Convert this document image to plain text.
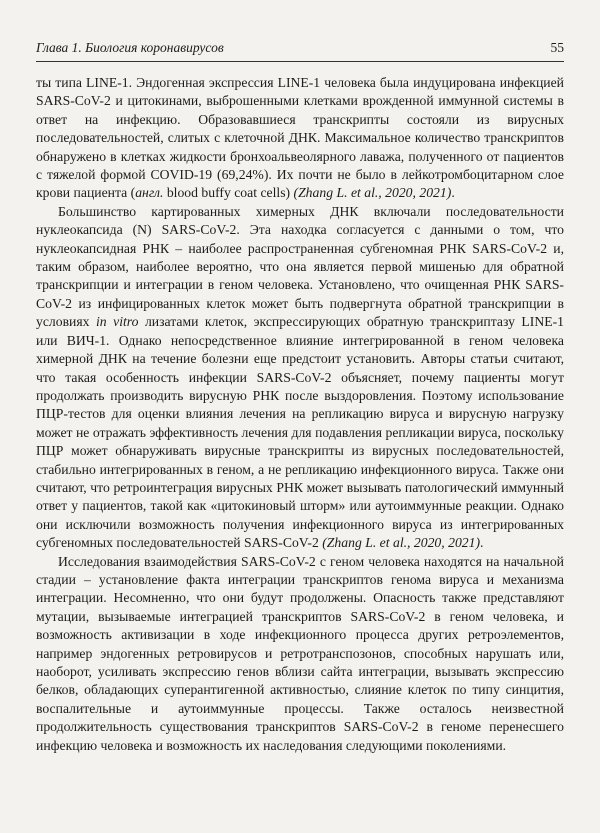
Глава 1. Биология коронавирусов	55

ты типа LINE-1. Эндогенная экспрессия LINE-1 человека была индуцирована инфекцией SARS-CoV-2 и цитокинами, выброшенными клетками врожденной иммунной системы в ответ на инфекцию. Образовавшиеся транскрипты состояли из вирусных последовательностей, слитых с клеточной ДНК. Максимальное количество транскриптов обнаружено в клетках жидкости бронхоальвеолярного лаважа, полученного от пациентов с тяжелой формой COVID-19 (69,24%). Их почти не было в лейкотромбоцитарном слое крови пациента (англ. blood buffy coat cells) (Zhang L. et al., 2020, 2021).

Большинство картированных химерных ДНК включали последовательности нуклеокапсида (N) SARS-CoV-2. Эта находка согласуется с данными о том, что нуклеокапсидная РНК – наиболее распространенная субгеномная РНК SARS-CoV-2 и, таким образом, наиболее вероятно, что она является первой мишенью для обратной транскрипции и интеграции в геном человека. Установлено, что очищенная РНК SARS-CoV-2 из инфицированных клеток может быть подвергнута обратной транскрипции в условиях in vitro лизатами клеток, экспрессирующих обратную транскриптазу LINE-1 или ВИЧ-1. Однако непосредственное влияние интегрированной в геном человека химерной ДНК на течение болезни еще предстоит установить. Авторы статьи считают, что такая особенность инфекции SARS-CoV-2 объясняет, почему пациенты могут продолжать производить вирусную РНК после выздоровления. Поэтому использование ПЦР-тестов для оценки влияния лечения на репликацию вируса и вирусную нагрузку может не отражать эффективность лечения для подавления репликации вируса, поскольку ПЦР может обнаруживать вирусные транскрипты из вирусных последовательностей, стабильно интегрированных в геном, а не репликацию инфекционного вируса. Также они считают, что ретроинтеграция вирусных РНК может вызывать патологический иммунный ответ у пациентов, такой как «цитокиновый шторм» или аутоиммунные реакции. Однако они исключили возможность получения инфекционного вируса из интегрированных субгеномных последовательностей SARS-CoV-2 (Zhang L. et al., 2020, 2021).

Исследования взаимодействия SARS-CoV-2 с геном человека находятся на начальной стадии – установление факта интеграции транскриптов генома вируса и механизма интеграции. Несомненно, что они будут продолжены. Опасность также представляют мутации, вызываемые интеграцией транскриптов SARS-CoV-2 в геном человека, и возможность активизации в ходе инфекционного процесса других ретроэлементов, например эндогенных ретровирусов и ретротранспозонов, способных нарушать или, наоборот, усиливать экспрессию генов вблизи сайта интеграции, вызывать экспрессию белков, обладающих суперантигенной активностью, слияние клеток по типу синцития, воспалительные и аутоиммунные процессы. Также осталось неизвестной продолжительность существования транскриптов SARS-CoV-2 в геноме перенесшего инфекцию человека и возможность их наследования следующими поколениями.
